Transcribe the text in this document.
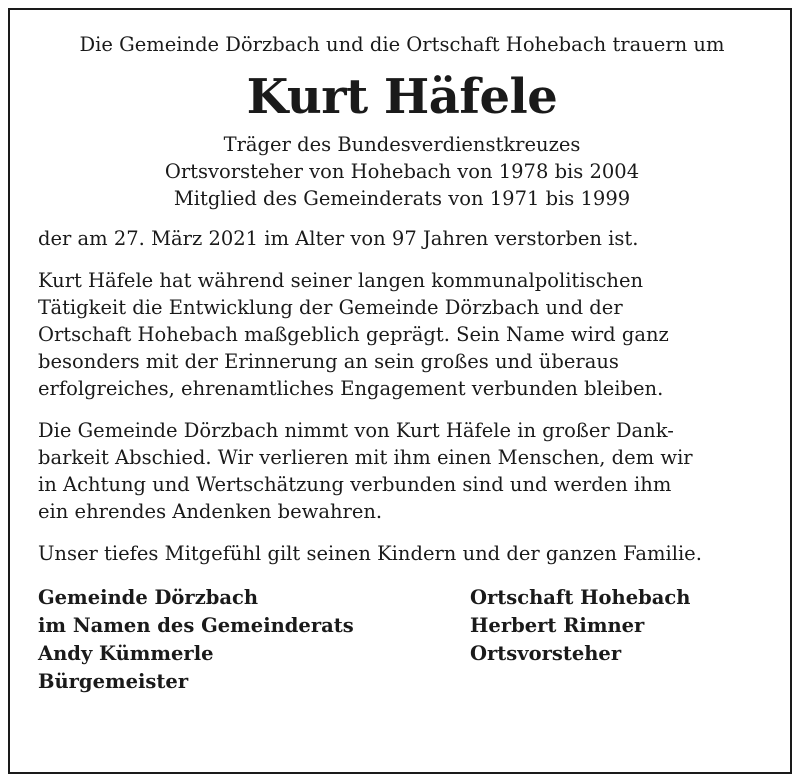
Die Gemeinde Dörzbach und die Ortschaft Hohebach trauern um

Kurt Häfele
Träger des Bundesverdienstkreuzes
Ortsvorsteher von Hohebach von 1978 bis 2004
Mitglied des Gemeinderats von 1971 bis 1999
der am 27. März 2021 im Alter von 97 Jahren verstorben ist.
Kurt Häfele hat während seiner langen kommunalpolitischen
Tätigkeit die Entwicklung der Gemeinde Dörzbach und der
Ortschaft Hohebach maßgeblich geprägt. Sein Name wird ganz
besonders mit der Erinnerung an sein großes und überaus
erfolgreiches, ehrenamtliches Engagement verbunden bleiben.
Die Gemeinde Dörzbach nimmt von Kurt Häfele in großer Dank-
barkeit Abschied. Wir verlieren mit ihm einen Menschen, dem wir
in Achtung und Wertschätzung verbunden sind und werden ihm
ein ehrendes Andenken bewahren.
Unser tiefes Mitgefühl gilt seinen Kindern und der ganzen Familie.
Gemeinde Dörzbach
im Namen des Gemeinderats
Andy Kümmerle
Bürgemeister
Ortschaft Hohebach
Herbert Rimner
Ortsvorsteher
